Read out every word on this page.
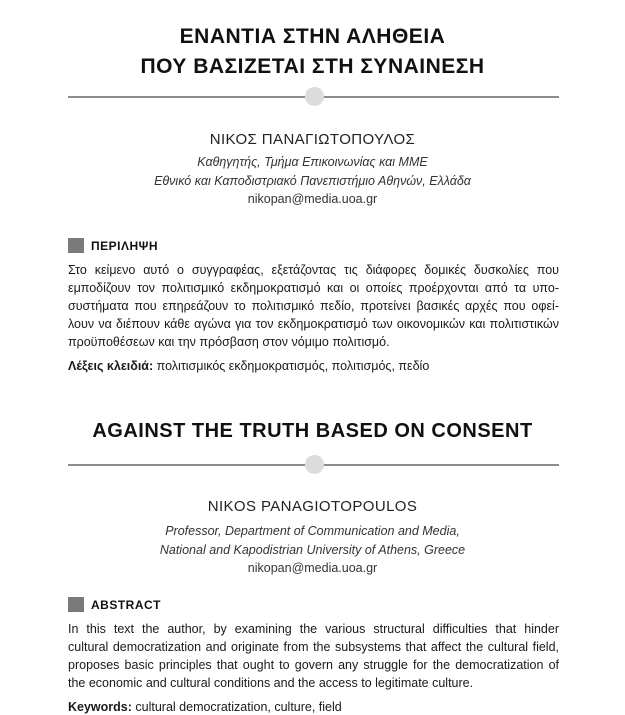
ΕΝΑΝΤΙΑ ΣΤΗΝ ΑΛΗΘΕΙΑ
ΠΟΥ ΒΑΣΙΖΕΤΑΙ ΣΤΗ ΣΥΝΑΙΝΕΣΗ
ΝΙΚΟΣ ΠΑΝΑΓΙΩΤΟΠΟΥΛΟΣ
Καθηγητής, Τμήμα Επικοινωνίας και ΜΜΕ
Εθνικό και Καποδιστριακό Πανεπιστήμιο Αθηνών, Ελλάδα
nikopan@media.uoa.gr
ΠΕΡΙΛΗΨΗ
Στο κείμενο αυτό ο συγγραφέας, εξετάζοντας τις διάφορες δομικές δυσκολίες που
εμποδίζουν τον πολιτισμικό εκδημοκρατισμό και οι οποίες προέρχονται από τα υπο-
συστήματα που επηρεάζουν το πολιτισμικό πεδίο, προτείνει βασικές αρχές που οφεί-
λουν να διέπουν κάθε αγώνα για τον εκδημοκρατισμό των οικονομικών και πολιτιστικών
προϋποθέσεων και την πρόσβαση στον νόμιμο πολιτισμό.
Λέξεις κλειδιά: πολιτισμικός εκδημοκρατισμός, πολιτισμός, πεδίο
AGAINST THE TRUTH BASED ON CONSENT
NIKOS PANAGIOTOPOULOS
Professor, Department of Communication and Media,
National and Kapodistrian University of Athens, Greece
nikopan@media.uoa.gr
ABSTRACT
In this text the author, by examining the various structural difficulties that hinder
cultural democratization and originate from the subsystems that affect the cultural field,
proposes basic principles that ought to govern any struggle for the democratization of
the economic and cultural conditions and the access to legitimate culture.
Keywords: cultural democratization, culture, field
